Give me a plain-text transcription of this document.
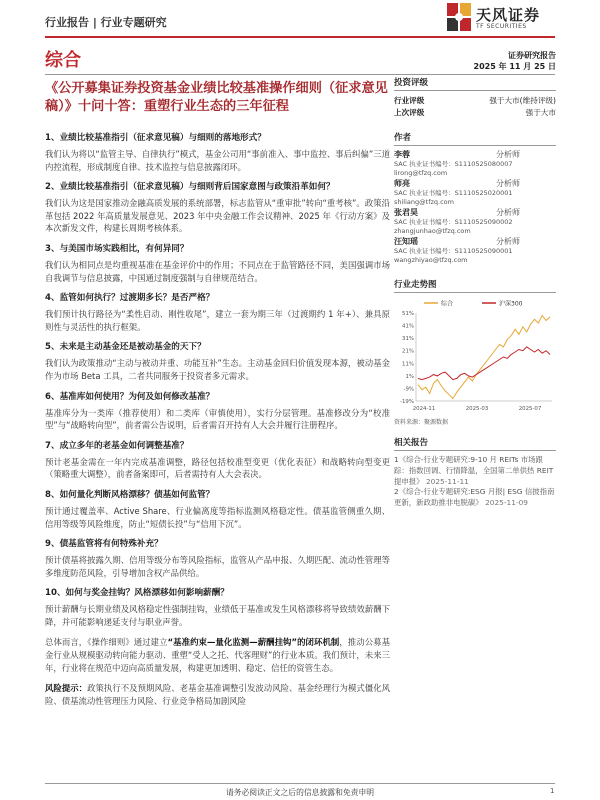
行业报告 | 行业专题研究	天风证券
TF SECURITIES
综合	证券研究报告
2025 年 11 月 25 日
《公开募集证券投资基金业绩比较基准操作细则（征求意见稿）》十问十答：重塑行业生态的三年征程
1、业绩比较基准指引（征求意见稿）与细则的落地形式？
我们认为将以“监管主导、自律执行”模式，基金公司用“事前准入、事中监控、事后纠偏”三道内控流程，形成制度自律、技术监控与信息披露闭环。
2、业绩比较基准指引（征求意见稿）与细则背后国家意图与政策沿革如何？
我们认为这是国家推动金融高质发展的系统部署，标志监管从“重审批”转向“重考核”。政策沿革包括 2022 年高质量发展意见、2023 年中央金融工作会议精神、2025 年《行动方案》及本次新发文件，构建长周期考核体系。
3、与美国市场实践相比，有何异同？
我们认为相同点是均重视基准在基金评价中的作用；不同点在于监管路径不同，美国强调市场自我调节与信息披露，中国通过制度强制与自律规范结合。
4、监管如何执行？过渡期多长？是否严格？
我们预计执行路径为“柔性启动、刚性收尾”，建立一套为期三年（过渡期约 1 年+）、兼具原则性与灵活性的执行框架。
5、未来是主动基金还是被动基金的天下？
我们认为政策推动“主动与被动并重、功能互补”生态。主动基金回归价值发现本源，被动基金作为市场 Beta 工具，二者共同服务于投资者多元需求。
6、基准库如何使用？为何及如何修改基准？
基准库分为一类库（推荐使用）和二类库（审慎使用），实行分层管理。基准修改分为“校准型”与“战略转向型”，前者需公告说明，后者需召开持有人大会并履行注册程序。
7、成立多年的老基金如何调整基准？
预计老基金需在一年内完成基准调整，路径包括校准型变更（优化表征）和战略转向型变更（策略重大调整），前者备案即可，后者需持有人大会表决。
8、如何量化判断风格漂移？债基如何监管？
预计通过覆盖率、Active Share、行业偏离度等指标监测风格稳定性。债基监管侧重久期、信用等级等风险维度，防止“短债长投”与“信用下沉”。
9、债基监管将有何特殊补充？
预计债基将披露久期、信用等级分布等风险指标，监管从产品申报、久期匹配、流动性管理等多维度防范风险，引导增加含权产品供给。
10、如何与奖金挂钩？风格漂移如何影响薪酬？
预计薪酬与长期业绩及风格稳定性强制挂钩，业绩低于基准或发生风格漂移将导致绩效薪酬下降，并可能影响递延支付与职业声誉。
总体而言，《操作细则》通过建立“基准约束—量化监测—薪酬挂钩”的闭环机制，推动公募基金行业从规模驱动转向能力驱动、重塑“受人之托、代客理财”的行业本质。我们预计，未来三年，行业将在规范中迈向高质量发展，构建更加透明、稳定、信任的资管生态。
风险提示：政策执行不及预期风险、老基金基准调整引发波动风险、基金经理行为模式僵化风险、债基流动性管理压力风险、行业竞争格局加剧风险
投资评级
行业评级	强于大市(维持评级)
上次评级	强于大市
作者
李蓉	分析师
SAC 执业证书编号：S1110525080007
lirong@tfzq.com
师亮	分析师
SAC 执业证书编号：S1110525020001
shiliang@tfzq.com
张君昊	分析师
SAC 执业证书编号：S1110525090002
zhangjunhao@tfzq.com
汪知瑶	分析师
SAC 执业证书编号：S1110525090001
wangzhiyao@tfzq.com
行业走势图
综合	沪深300
51%
41%
31%
21%
11%
1%
-9%
-19%
2024-11	2025-03	2025-07
资料来源：聚源数据
相关报告
1《综合-行业专题研究:9-10 月 REITs 市场跟踪：指数回调、行情降温，全国第二单供热 REIT 提申报》 2025-11-11
2《综合-行业专题研究:ESG 月报| ESG 信披指南更新，新政助推非电脱碳》 2025-11-09
请务必阅读正文之后的信息披露和免责申明	1
